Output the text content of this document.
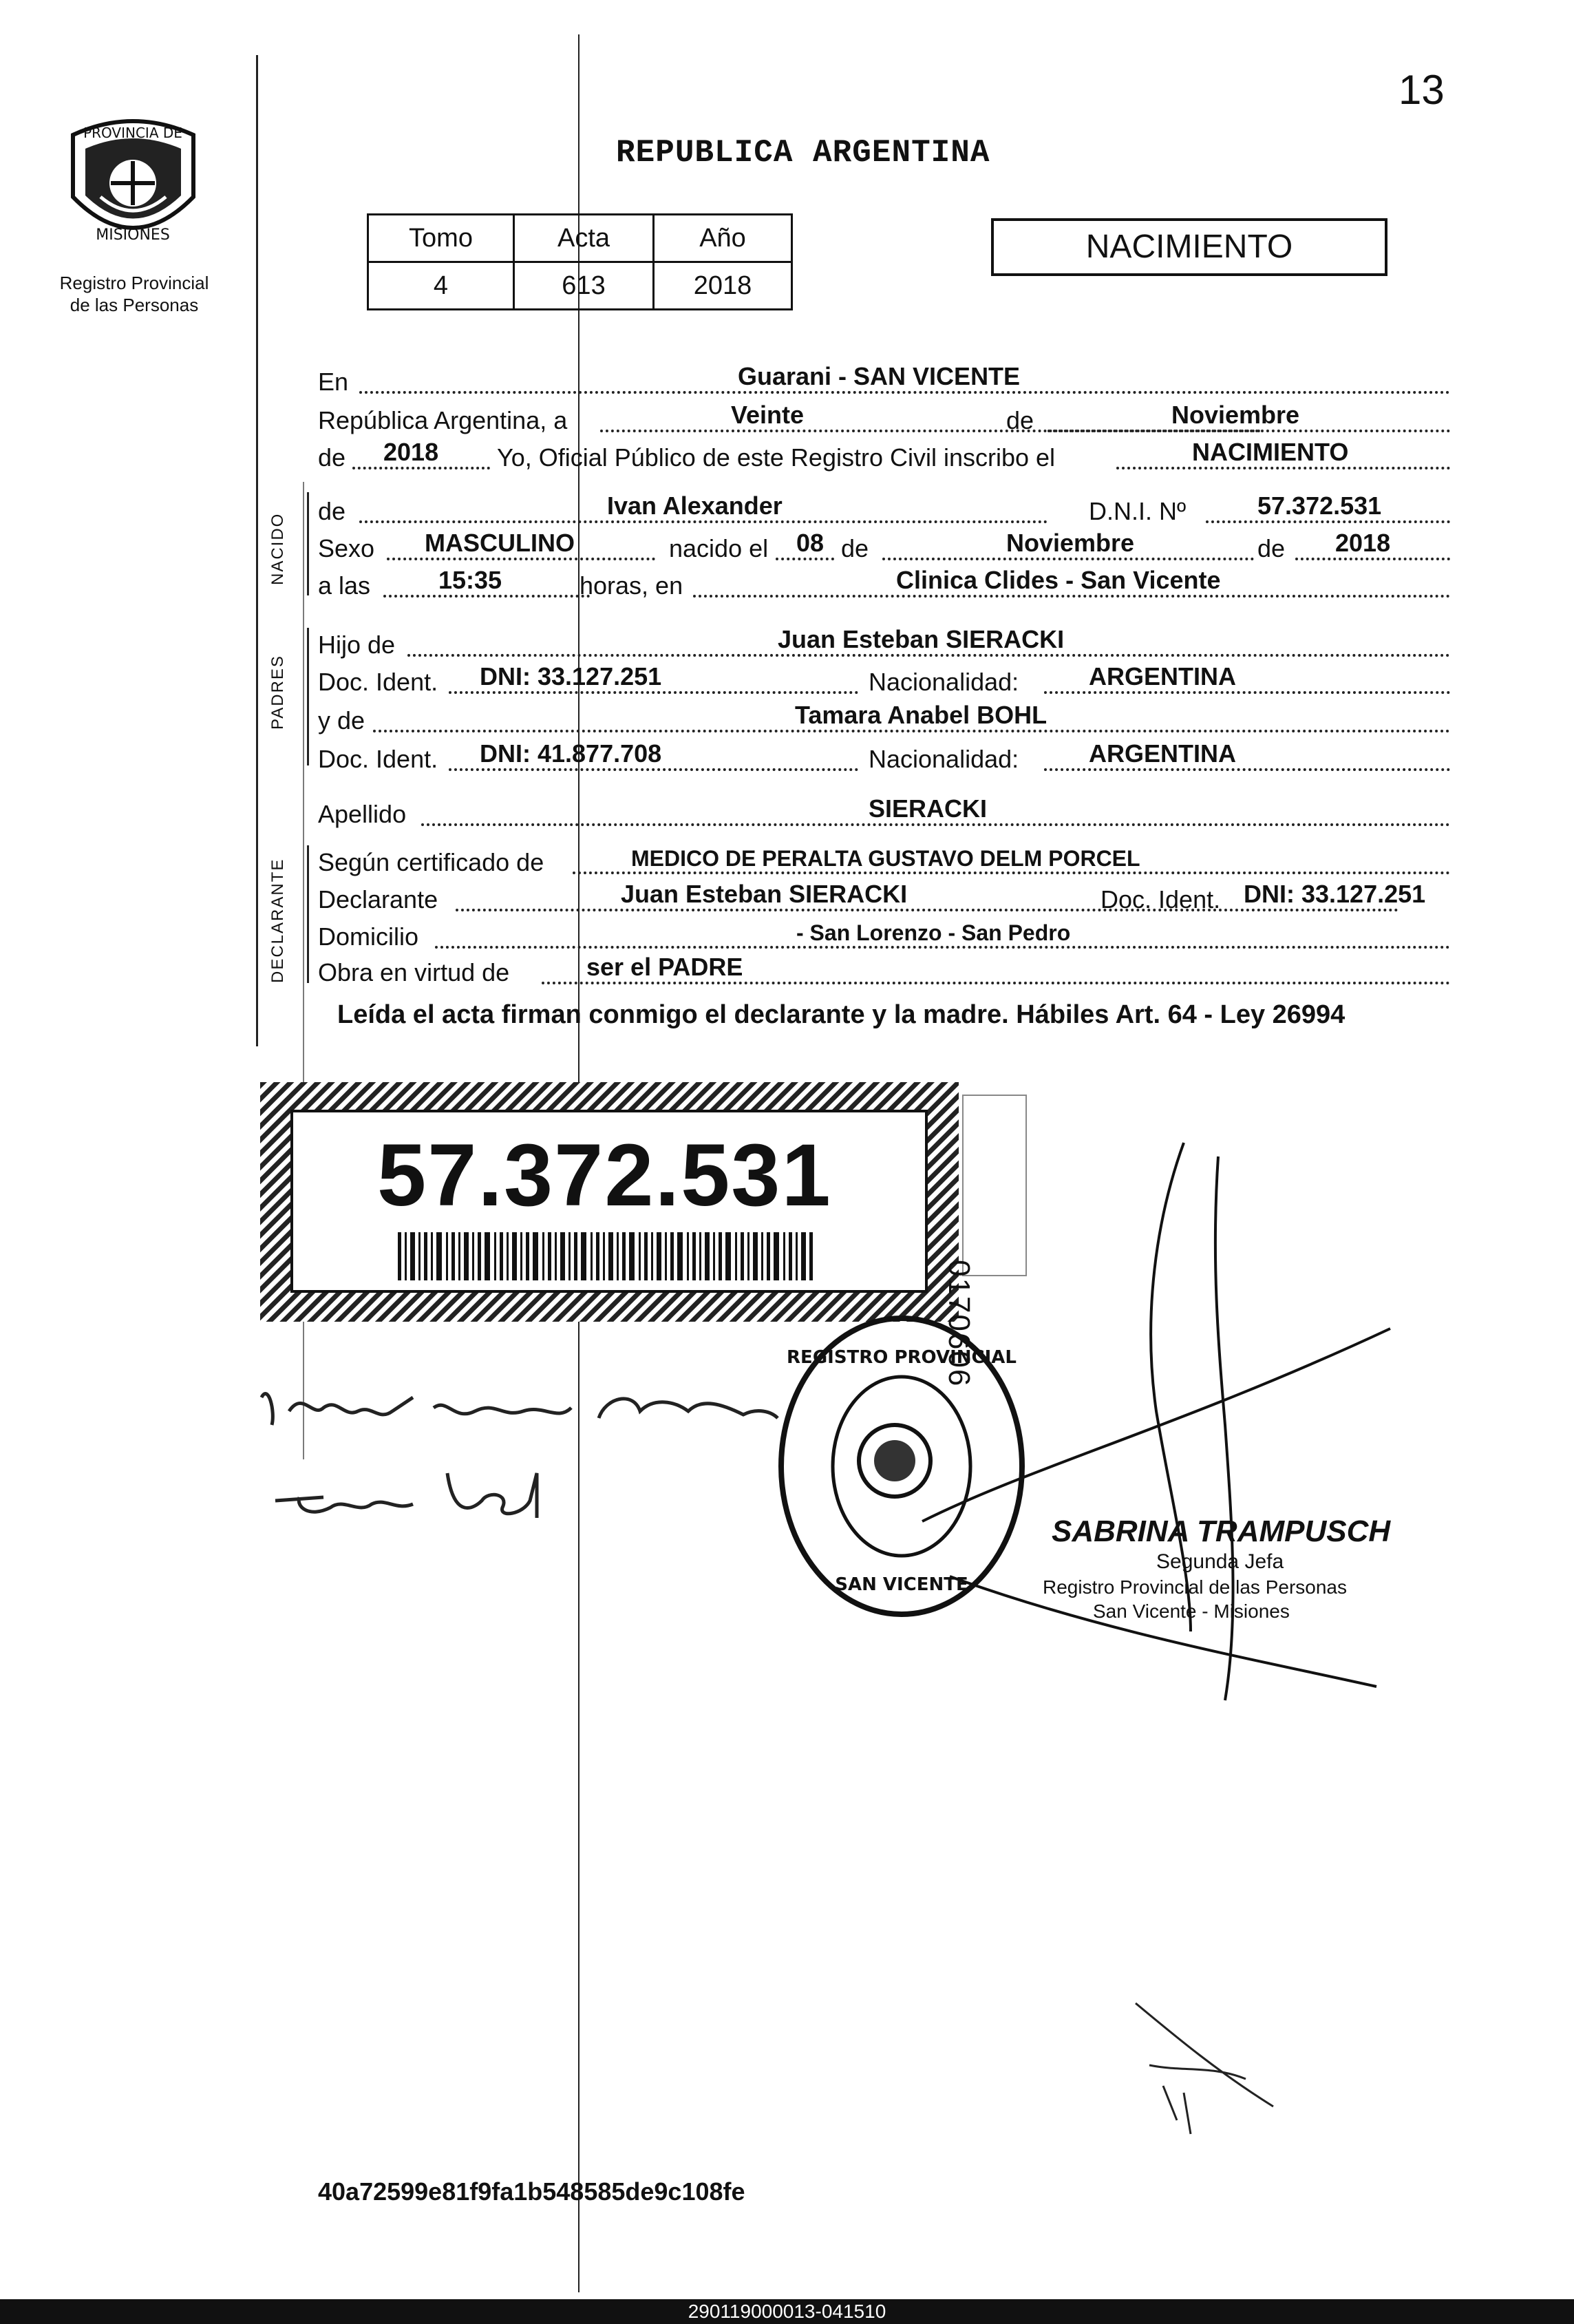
13
PROVINCIA DE
MISIONES
Registro Provincial
de las Personas
REPUBLICA ARGENTINA
Tomo	Acta	Año
4	613	2018
NACIMIENTO
NACIDO
PADRES
DECLARANTE
En	Guarani - SAN VICENTE
República Argentina, a	Veinte	de	Noviembre
de 2018 Yo, Oficial Público de este Registro Civil inscribo el	NACIMIENTO
de	Ivan Alexander	D.N.I. Nº	57.372.531
Sexo MASCULINO	nacido el 08 de	Noviembre	de 2018
a las	15:35	horas, en	Clinica Clides - San Vicente
Hijo de	Juan Esteban SIERACKI
Doc. Ident. DNI: 33.127.251	Nacionalidad:	ARGENTINA
y de	Tamara Anabel BOHL
Doc. Ident. DNI: 41.877.708	Nacionalidad:	ARGENTINA
Apellido	SIERACKI
Según certificado de	MEDICO DE PERALTA GUSTAVO DELM PORCEL
Declarante	Juan Esteban SIERACKI	Doc. Ident. DNI: 33.127.251
Domicilio	- San Lorenzo - San Pedro
Obra en virtud de	ser el PADRE
Leída el acta firman conmigo el declarante y la madre. Hábiles Art. 64 - Ley 26994
57.372.531
0170606
REGISTRO PROVINCIAL
SAN VICENTE
SABRINA TRAMPUSCH
Segunda Jefa
Registro Provincial de las Personas
San Vicente - Misiones
40a72599e81f9fa1b548585de9c108fe
290119000013-041510
